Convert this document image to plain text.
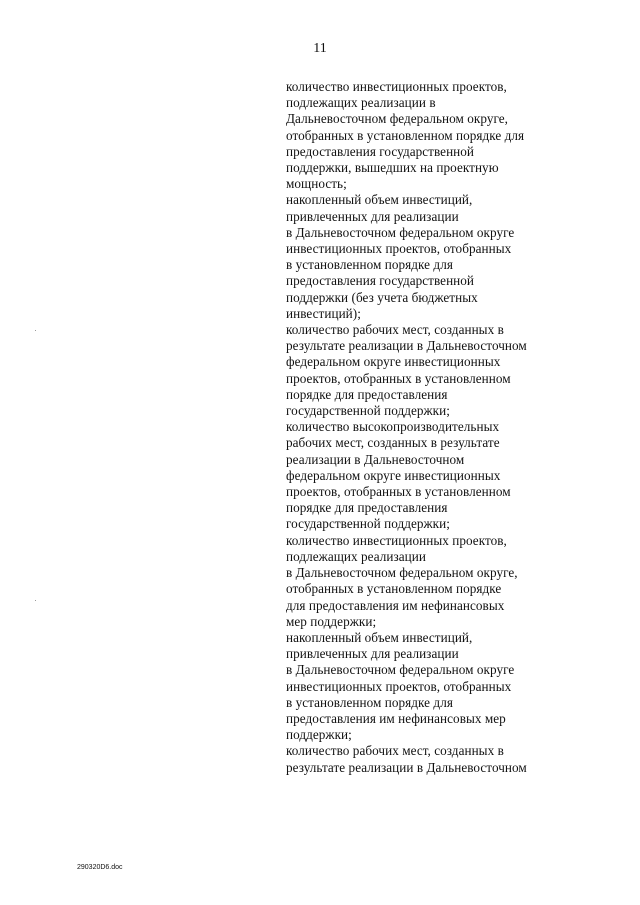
11
количество инвестиционных проектов,
подлежащих реализации в
Дальневосточном федеральном округе,
отобранных в установленном порядке для
предоставления государственной
поддержки, вышедших на проектную
мощность;
накопленный объем инвестиций,
привлеченных для реализации
в Дальневосточном федеральном округе
инвестиционных проектов, отобранных
в установленном порядке для
предоставления государственной
поддержки (без учета бюджетных
инвестиций);
количество рабочих мест, созданных в
результате реализации в Дальневосточном
федеральном округе инвестиционных
проектов, отобранных в установленном
порядке для предоставления
государственной поддержки;
количество высокопроизводительных
рабочих мест, созданных в результате
реализации в Дальневосточном
федеральном округе инвестиционных
проектов, отобранных в установленном
порядке для предоставления
государственной поддержки;
количество инвестиционных проектов,
подлежащих реализации
в Дальневосточном федеральном округе,
отобранных в установленном порядке
для предоставления им нефинансовых
мер поддержки;
накопленный объем инвестиций,
привлеченных для реализации
в Дальневосточном федеральном округе
инвестиционных проектов, отобранных
в установленном порядке для
предоставления им нефинансовых мер
поддержки;
количество рабочих мест, созданных в
результате реализации в Дальневосточном
290320D6.doc
